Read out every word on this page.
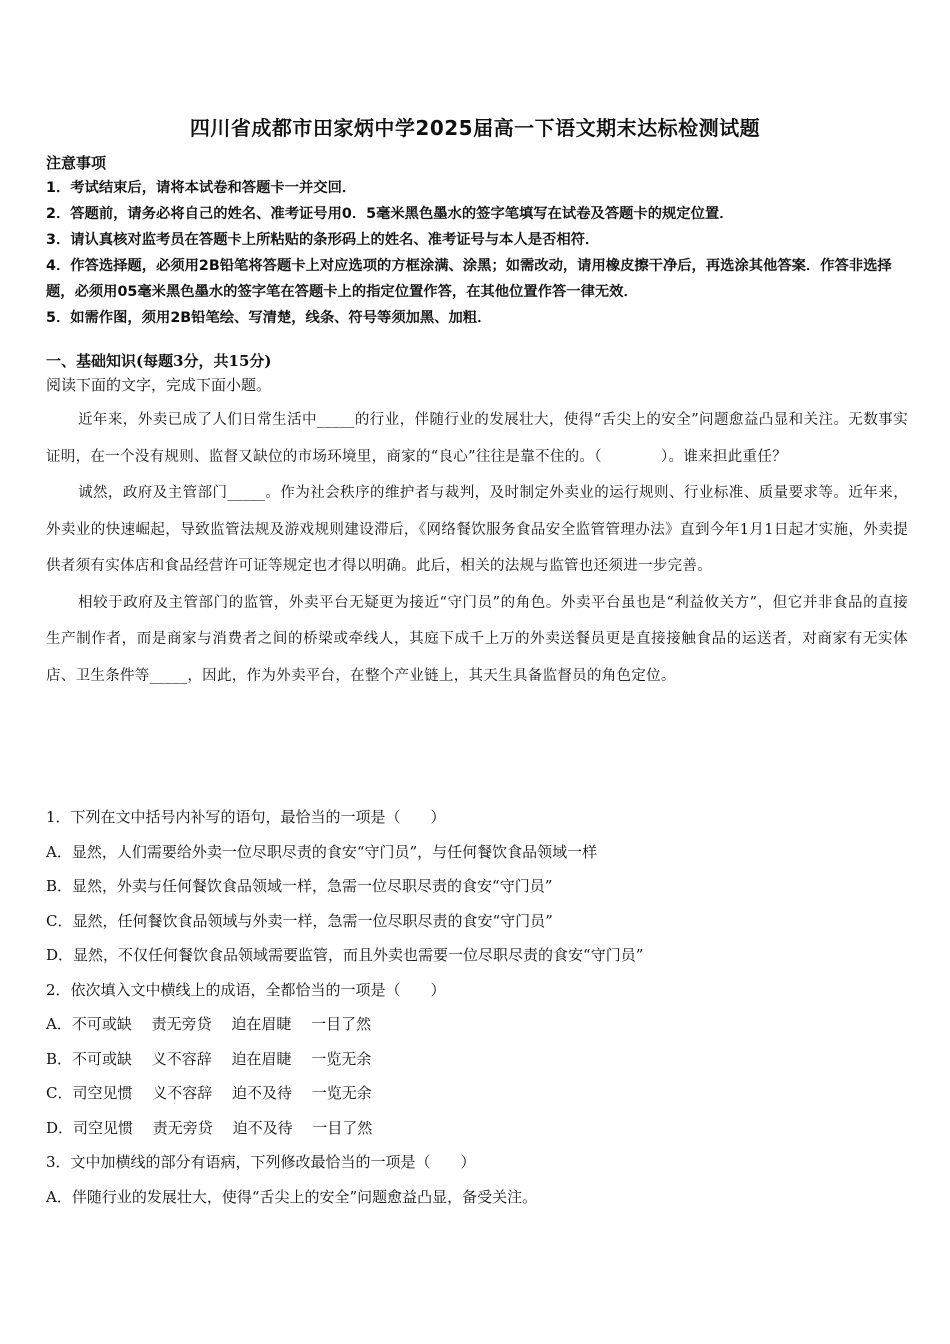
四川省成都市田家炳中学2025届高一下语文期末达标检测试题
注意事项

1．考试结束后，请将本试卷和答题卡一并交回．

2．答题前，请务必将自己的姓名、准考证号用0．5毫米黑色墨水的签字笔填写在试卷及答题卡的规定位置．

3．请认真核对监考员在答题卡上所粘贴的条形码上的姓名、准考证号与本人是否相符．

4．作答选择题，必须用2B铅笔将答题卡上对应选项的方框涂满、涂黑；如需改动，请用橡皮擦干净后，再选涂其他答案．作答非选择题，必须用05毫米黑色墨水的签字笔在答题卡上的指定位置作答，在其他位置作答一律无效．

5．如需作图，须用2B铅笔绘、写清楚，线条、符号等须加黑、加粗．

一、基础知识(每题3分，共15分)
阅读下面的文字，完成下面小题。

近年来，外卖已成了人们日常生活中_____的行业，伴随行业的发展壮大，使得“舌尖上的安全”问题愈益凸显和关注。无数事实证明，在一个没有规则、监督又缺位的市场环境里，商家的“良心”往往是靠不住的。（　　　　）。谁来担此重任？

诚然，政府及主管部门_____。作为社会秩序的维护者与裁判，及时制定外卖业的运行规则、行业标准、质量要求等。近年来，外卖业的快速崛起，导致监管法规及游戏规则建设滞后，《网络餐饮服务食品安全监管管理办法》直到今年1月1日起才实施，外卖提供者须有实体店和食品经营许可证等规定也才得以明确。此后，相关的法规与监管也还须进一步完善。

相较于政府及主管部门的监管，外卖平台无疑更为接近“守门员”的角色。外卖平台虽也是“利益攸关方”，但它并非食品的直接生产制作者，而是商家与消费者之间的桥梁或牵线人，其庭下成千上万的外卖送餐员更是直接接触食品的运送者，对商家有无实体店、卫生条件等_____，因此，作为外卖平台，在整个产业链上，其天生具备监督员的角色定位。

1．下列在文中括号内补写的语句，最恰当的一项是（　　）

A．显然，人们需要给外卖一位尽职尽责的食安“守门员”，与任何餐饮食品领域一样

B．显然，外卖与任何餐饮食品领域一样，急需一位尽职尽责的食安“守门员”

C．显然，任何餐饮食品领域与外卖一样，急需一位尽职尽责的食安“守门员”

D．显然，不仅任何餐饮食品领域需要监管，而且外卖也需要一位尽职尽责的食安“守门员”

2．依次填入文中横线上的成语，全都恰当的一项是（　　）

A．不可或缺　 责无旁贷　 迫在眉睫　 一目了然

B．不可或缺　 义不容辞　 迫在眉睫　 一览无余

C．司空见惯　 义不容辞　 迫不及待　 一览无余

D．司空见惯　 责无旁贷　 迫不及待　 一目了然

3．文中加横线的部分有语病，下列修改最恰当的一项是（　　）

A．伴随行业的发展壮大，使得“舌尖上的安全”问题愈益凸显，备受关注。
